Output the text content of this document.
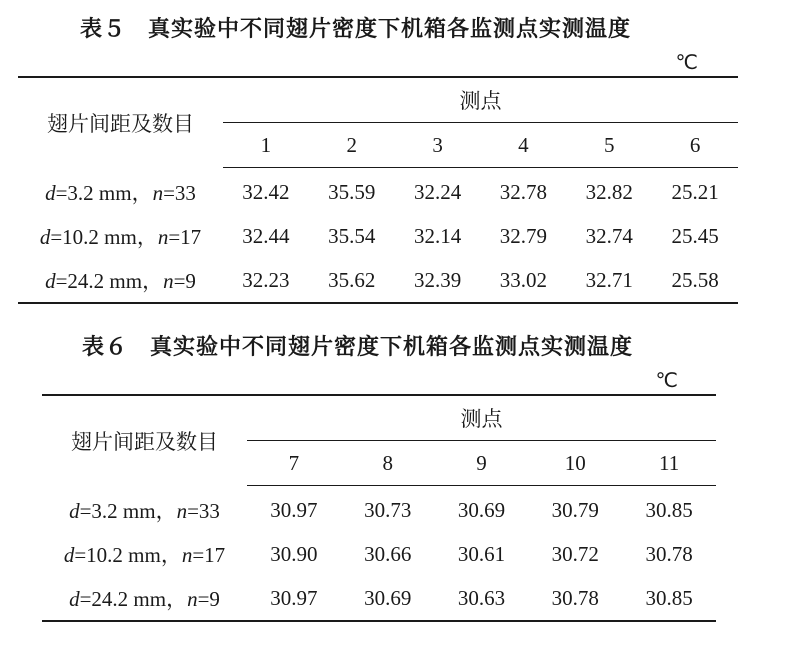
表５ 真实验中不同翅片密度下机箱各监测点实测温度
℃
翅片间距及数目	测点					
	1	2	3	4	5	6
d=3.2 mm，n=33	32.42	35.59	32.24	32.78	32.82	25.21
d=10.2 mm，n=17	32.44	35.54	32.14	32.79	32.74	25.45
d=24.2 mm，n=9	32.23	35.62	32.39	33.02	32.71	25.58
表６ 真实验中不同翅片密度下机箱各监测点实测温度
℃
翅片间距及数目	测点				
	7	8	9	10	11
d=3.2 mm，n=33	30.97	30.73	30.69	30.79	30.85
d=10.2 mm，n=17	30.90	30.66	30.61	30.72	30.78
d=24.2 mm，n=9	30.97	30.69	30.63	30.78	30.85
